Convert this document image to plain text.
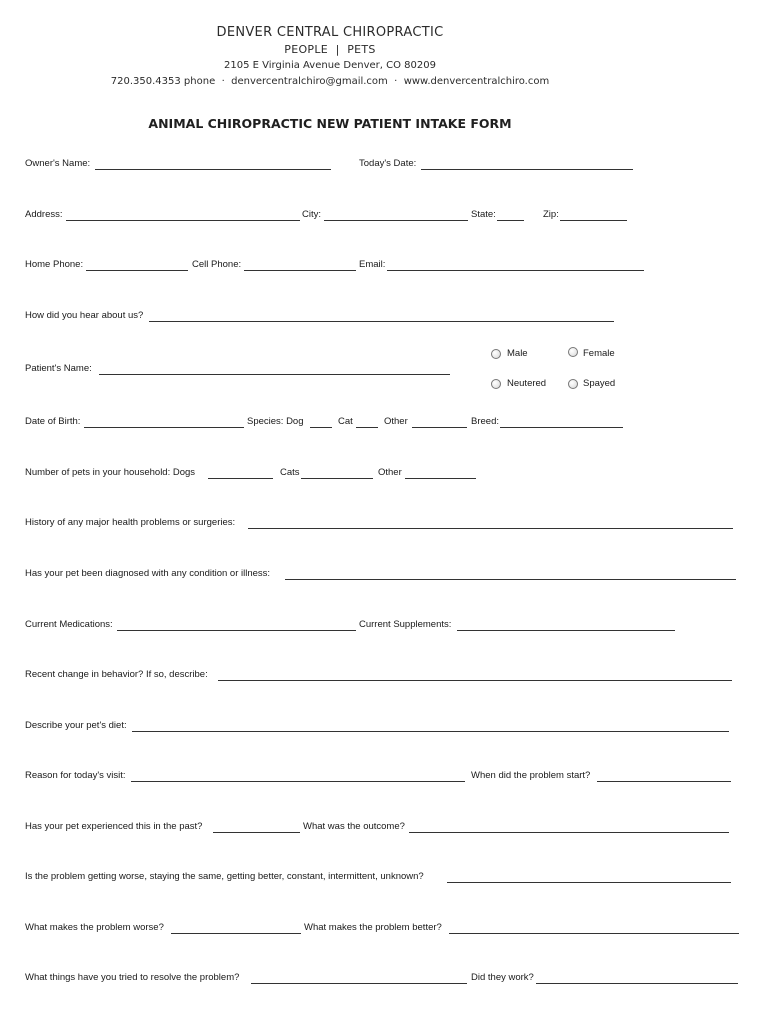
DENVER CENTRAL CHIROPRACTIC
PEOPLE  |  PETS
2105 E Virginia Avenue Denver, CO 80209
720.350.4353 phone · denvercentralchiro@gmail.com · www.denvercentralchiro.com
ANIMAL CHIROPRACTIC NEW PATIENT INTAKE FORM
Owner's Name:	Today's Date:
Address:	City:	State:	Zip:
Home Phone:	Cell Phone:	Email:
How did you hear about us?
Patient's Name:
Male	Female
Neutered	Spayed
Date of Birth:	Species: Dog	Cat	Other	Breed:
Number of pets in your household: Dogs	Cats	Other
History of any major health problems or surgeries:
Has your pet been diagnosed with any condition or illness:
Current Medications:	Current Supplements:
Recent change in behavior? If so, describe:
Describe your pet's diet:
Reason for today's visit:	When did the problem start?
Has your pet experienced this in the past?	What was the outcome?
Is the problem getting worse, staying the same, getting better, constant, intermittent, unknown?
What makes the problem worse?	What makes the problem better?
What things have you tried to resolve the problem?	Did they work?
